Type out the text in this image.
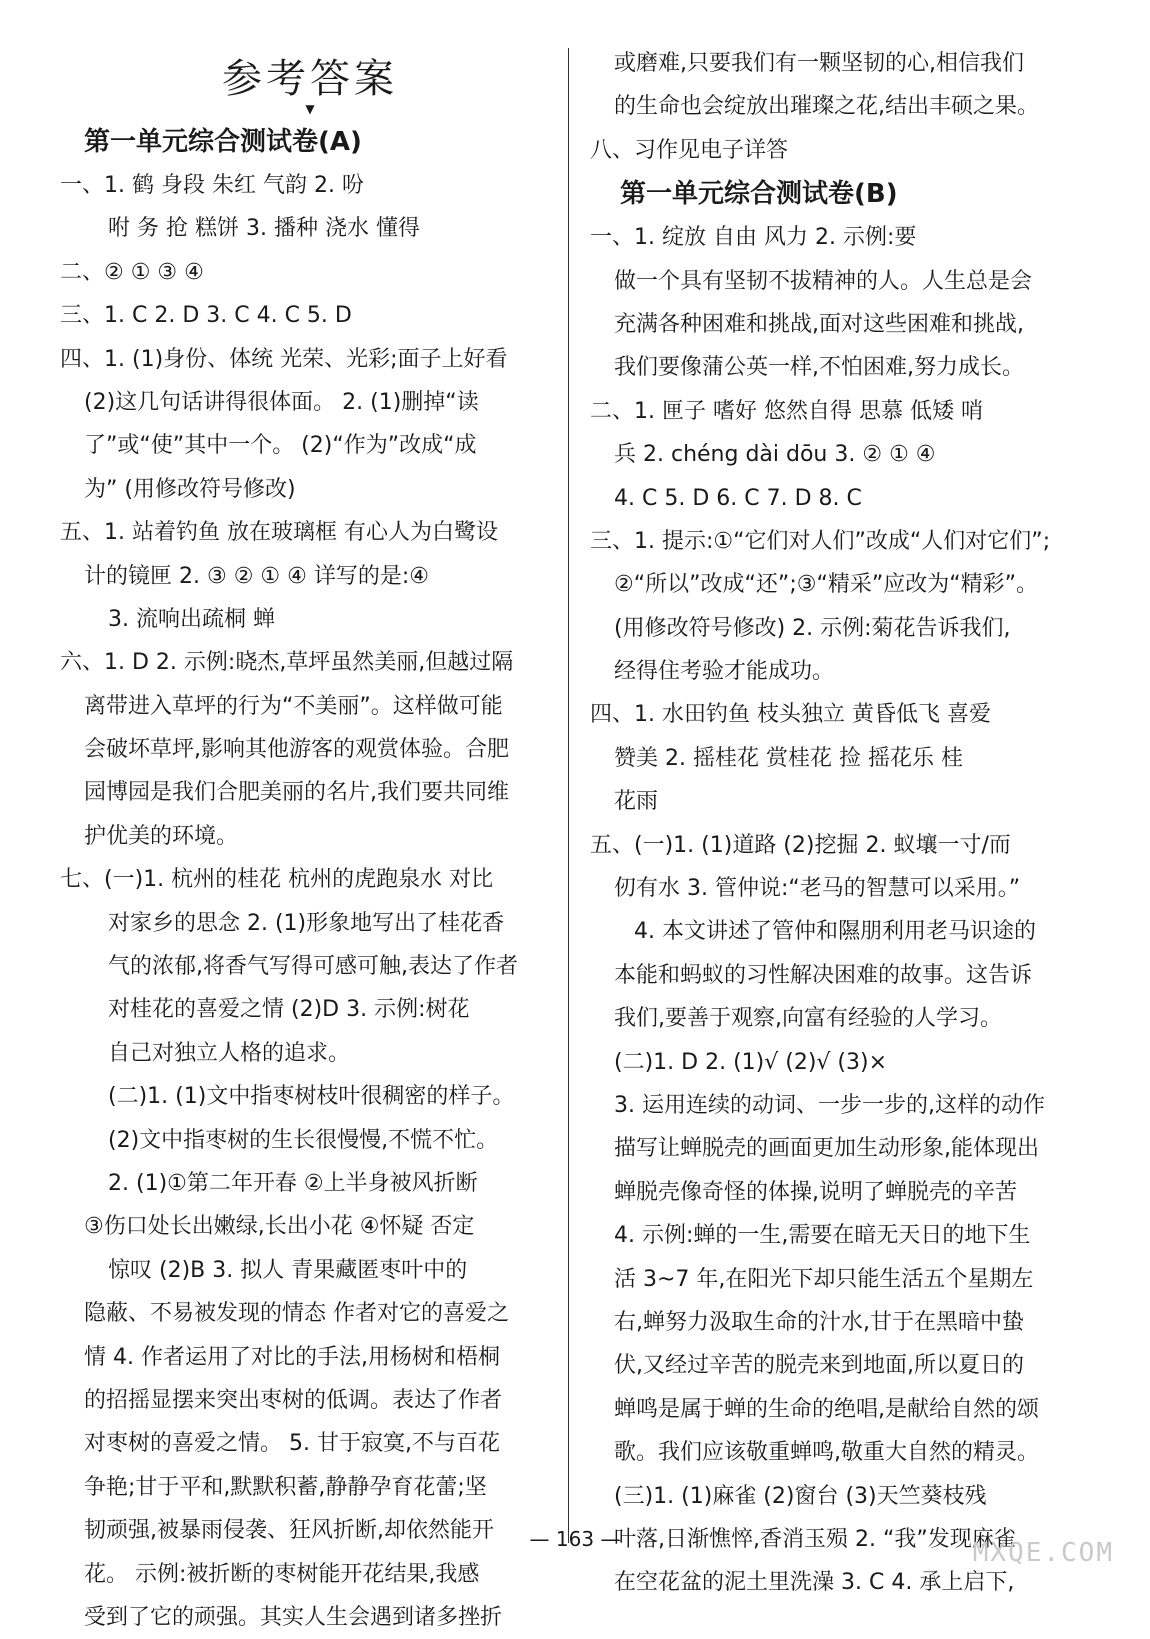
参考答案
▼
第一单元综合测试卷(A)
一、1. 鹤 身段 朱红 气韵 2. 吩
咐 务 抢 糕饼 3. 播种 浇水 懂得
二、② ① ③ ④
三、1. C 2. D 3. C 4. C 5. D
四、1. (1)身份、体统 光荣、光彩;面子上好看
(2)这几句话讲得很体面。 2. (1)删掉“读
了”或“使”其中一个。 (2)“作为”改成“成
为” (用修改符号修改)
五、1. 站着钓鱼 放在玻璃框 有心人为白鹭设
计的镜匣 2. ③ ② ① ④ 详写的是:④
3. 流响出疏桐 蝉
六、1. D 2. 示例:晓杰,草坪虽然美丽,但越过隔
离带进入草坪的行为“不美丽”。这样做可能
会破坏草坪,影响其他游客的观赏体验。合肥
园博园是我们合肥美丽的名片,我们要共同维
护优美的环境。
七、(一)1. 杭州的桂花 杭州的虎跑泉水 对比
对家乡的思念 2. (1)形象地写出了桂花香
气的浓郁,将香气写得可感可触,表达了作者
对桂花的喜爱之情 (2)D 3. 示例:树花
自己对独立人格的追求。
(二)1. (1)文中指枣树枝叶很稠密的样子。
(2)文中指枣树的生长很慢慢,不慌不忙。
2. (1)①第二年开春 ②上半身被风折断
③伤口处长出嫩绿,长出小花 ④怀疑 否定
惊叹 (2)B 3. 拟人 青果藏匿枣叶中的
隐蔽、不易被发现的情态 作者对它的喜爱之
情 4. 作者运用了对比的手法,用杨树和梧桐
的招摇显摆来突出枣树的低调。表达了作者
对枣树的喜爱之情。 5. 甘于寂寞,不与百花
争艳;甘于平和,默默积蓄,静静孕育花蕾;坚
韧顽强,被暴雨侵袭、狂风折断,却依然能开
花。 示例:被折断的枣树能开花结果,我感
受到了它的顽强。其实人生会遇到诸多挫折
或磨难,只要我们有一颗坚韧的心,相信我们
的生命也会绽放出璀璨之花,结出丰硕之果。
八、习作见电子详答
第一单元综合测试卷(B)
一、1. 绽放 自由 风力 2. 示例:要
做一个具有坚韧不拔精神的人。人生总是会
充满各种困难和挑战,面对这些困难和挑战,
我们要像蒲公英一样,不怕困难,努力成长。
二、1. 匣子 嗜好 悠然自得 思慕 低矮 哨
兵 2. chéng dài dōu 3. ② ① ④
4. C 5. D 6. C 7. D 8. C
三、1. 提示:①“它们对人们”改成“人们对它们”;
②“所以”改成“还”;③“精采”应改为“精彩”。
(用修改符号修改) 2. 示例:菊花告诉我们,
经得住考验才能成功。
四、1. 水田钓鱼 枝头独立 黄昏低飞 喜爱
赞美 2. 摇桂花 赏桂花 捡 摇花乐 桂
花雨
五、(一)1. (1)道路 (2)挖掘 2. 蚁壤一寸/而
仞有水 3. 管仲说:“老马的智慧可以采用。”
4. 本文讲述了管仲和隰朋利用老马识途的
本能和蚂蚁的习性解决困难的故事。这告诉
我们,要善于观察,向富有经验的人学习。
(二)1. D 2. (1)√ (2)√ (3)×
3. 运用连续的动词、一步一步的,这样的动作
描写让蝉脱壳的画面更加生动形象,能体现出
蝉脱壳像奇怪的体操,说明了蝉脱壳的辛苦
4. 示例:蝉的一生,需要在暗无天日的地下生
活 3~7 年,在阳光下却只能生活五个星期左
右,蝉努力汲取生命的汁水,甘于在黑暗中蛰
伏,又经过辛苦的脱壳来到地面,所以夏日的
蝉鸣是属于蝉的生命的绝唱,是献给自然的颂
歌。我们应该敬重蝉鸣,敬重大自然的精灵。
(三)1. (1)麻雀 (2)窗台 (3)天竺葵枝残
叶落,日渐憔悴,香消玉殒 2. “我”发现麻雀
在空花盆的泥土里洗澡 3. C 4. 承上启下,
— 163 —	MXQE.COM
